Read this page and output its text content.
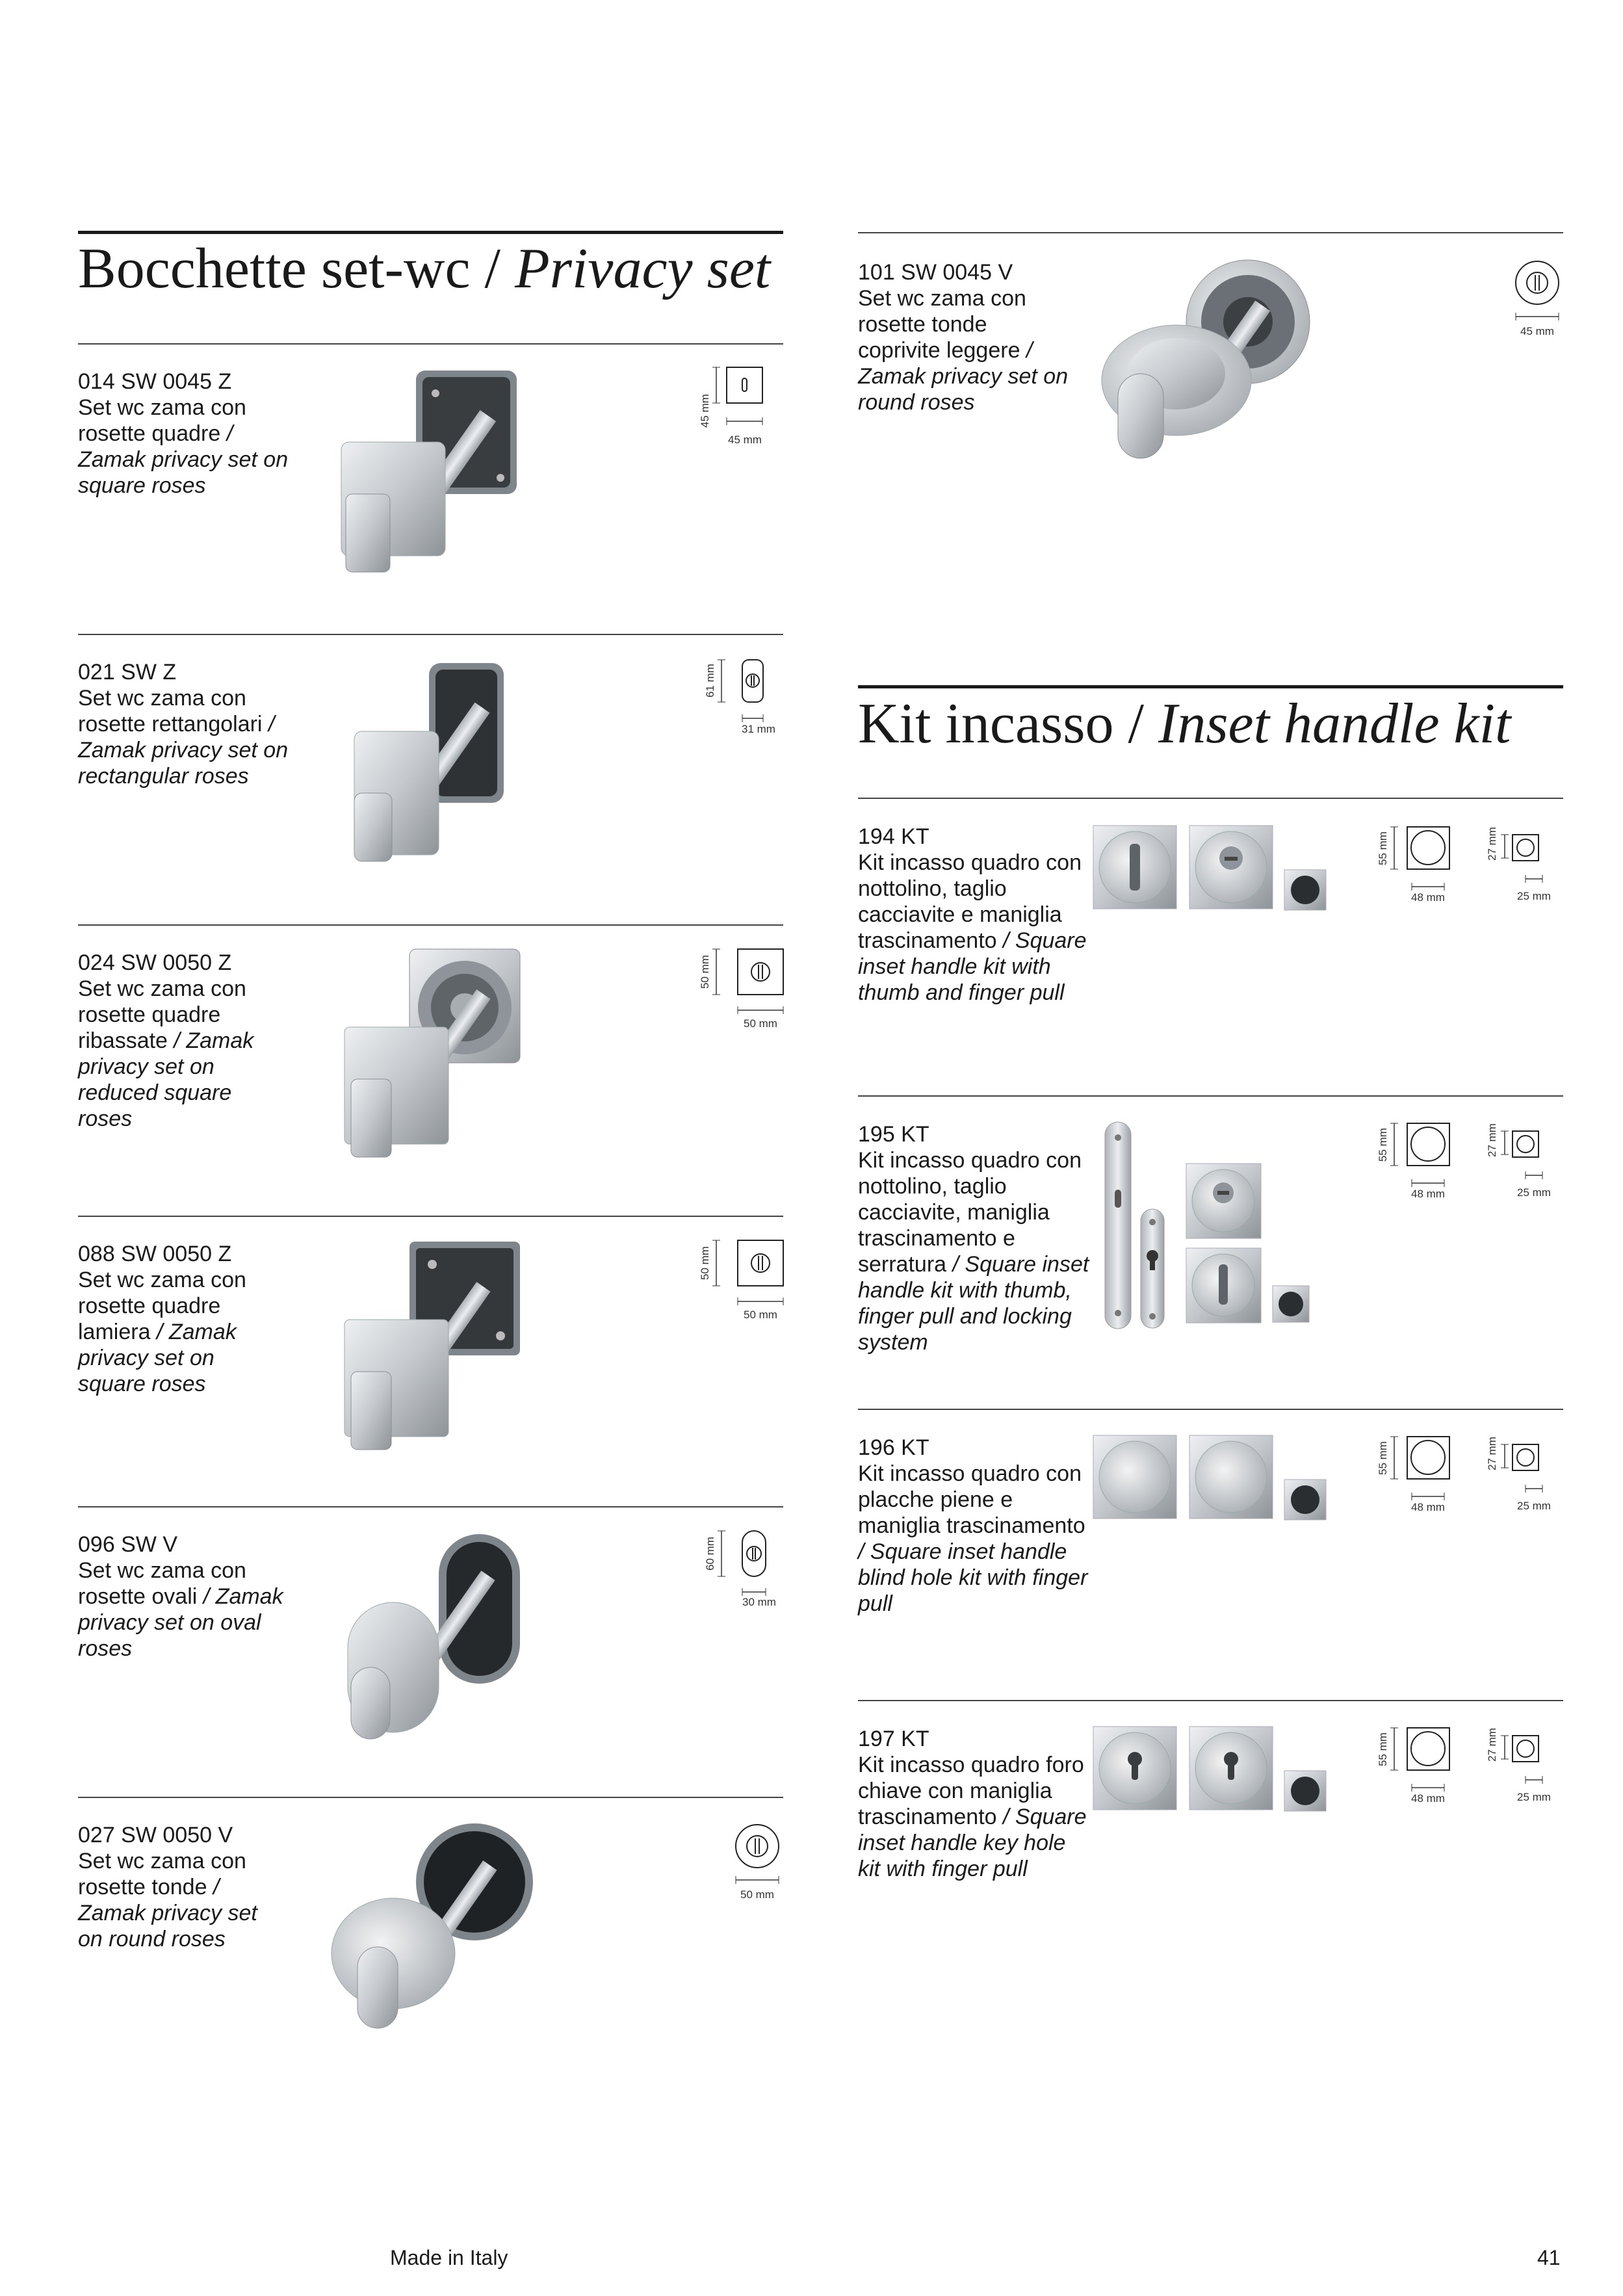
Bocchette set-wc / Privacy set
014 SW 0045 Z
Set wc zama con rosette quadre / Zamak privacy set on square roses
45 mm
45 mm
021 SW Z
Set wc zama con rosette rettangolari / Zamak privacy set on rectangular roses
61 mm
31 mm
024 SW 0050 Z
Set wc zama con rosette quadre ribassate / Zamak privacy set on reduced square roses
50 mm
50 mm
088 SW 0050 Z
Set wc zama con rosette quadre lamiera / Zamak privacy set on square roses
50 mm
50 mm
096 SW V
Set wc zama con rosette ovali / Zamak privacy set on oval roses
60 mm
30 mm
027 SW 0050 V
Set wc zama con rosette tonde / Zamak privacy set on round roses
50 mm
101 SW 0045 V
Set wc zama con rosette tonde coprivite leggere / Zamak privacy set on round roses
45 mm
Kit incasso / Inset handle kit
194 KT
Kit incasso quadro con nottolino, taglio cacciavite e maniglia trascinamento / Square inset handle kit with thumb and finger pull
55 mm
48 mm
27 mm
25 mm
195 KT
Kit incasso quadro con nottolino, taglio cacciavite, maniglia trascinamento e serratura / Square inset handle kit with thumb, finger pull and locking system
55 mm
48 mm
27 mm
25 mm
196 KT
Kit incasso quadro con placche piene e maniglia trascinamento / Square inset handle blind hole kit with finger pull
55 mm
48 mm
27 mm
25 mm
197 KT
Kit incasso quadro foro chiave con maniglia trascinamento / Square inset handle key hole kit with finger pull
55 mm
48 mm
27 mm
25 mm
Made in Italy	41
